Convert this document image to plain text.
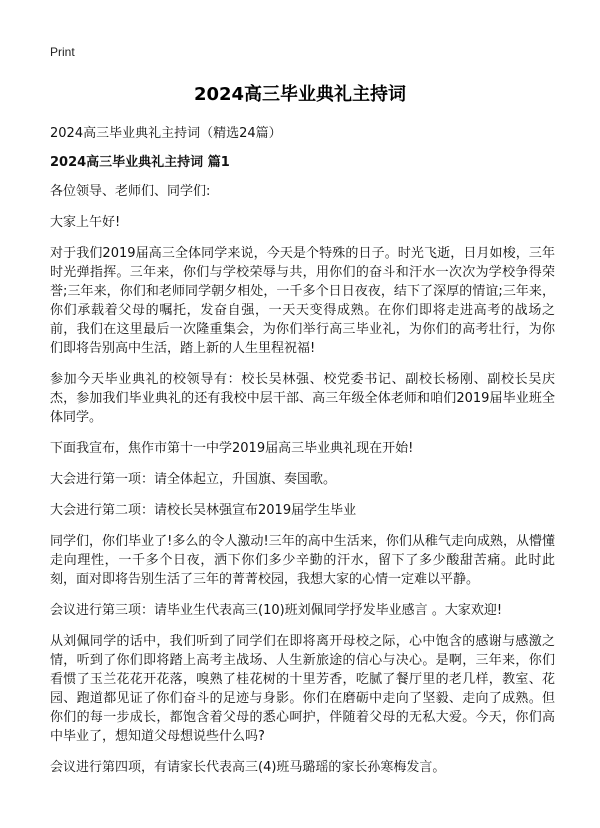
Print
2024高三毕业典礼主持词
2024高三毕业典礼主持词（精选24篇）
2024高三毕业典礼主持词 篇1

各位领导、老师们、同学们:

大家上午好!

对于我们2019届高三全体同学来说，今天是个特殊的日子。时光飞逝，日月如梭，三年时光弹指挥。三年来，你们与学校荣辱与共，用你们的奋斗和汗水一次次为学校争得荣誉;三年来，你们和老师同学朝夕相处，一千多个日日夜夜，结下了深厚的情谊;三年来，你们承载着父母的嘱托，发奋自强，一天天变得成熟。在你们即将走进高考的战场之前，我们在这里最后一次隆重集会，为你们举行高三毕业礼，为你们的高考壮行，为你们即将告别高中生活，踏上新的人生里程祝福!

参加今天毕业典礼的校领导有：校长吴林强、校党委书记、副校长杨刚、副校长吴庆杰，参加我们毕业典礼的还有我校中层干部、高三年级全体老师和咱们2019届毕业班全体同学。

下面我宣布，焦作市第十一中学2019届高三毕业典礼现在开始!

大会进行第一项：请全体起立，升国旗、奏国歌。

大会进行第二项：请校长吴林强宣布2019届学生毕业

同学们，你们毕业了!多么的令人激动!三年的高中生活来，你们从稚气走向成熟，从懵懂走向理性，一千多个日夜，洒下你们多少辛勤的汗水，留下了多少酸甜苦痛。此时此刻，面对即将告别生活了三年的菁菁校园，我想大家的心情一定难以平静。

会议进行第三项：请毕业生代表高三(10)班刘佩同学抒发毕业感言 。大家欢迎!

从刘佩同学的话中，我们听到了同学们在即将离开母校之际，心中饱含的感谢与感激之情，听到了你们即将踏上高考主战场、人生新旅途的信心与决心。是啊，三年来，你们看惯了玉兰花花开花落，嗅熟了桂花树的十里芳香，吃腻了餐厅里的老几样，教室、花园、跑道都见证了你们奋斗的足迹与身影。你们在磨砺中走向了坚毅、走向了成熟。但你们的每一步成长，都饱含着父母的悉心呵护，伴随着父母的无私大爱。今天，你们高中毕业了，想知道父母想说些什么吗?

会议进行第四项，有请家长代表高三(4)班马璐瑶的家长孙寒梅发言。
